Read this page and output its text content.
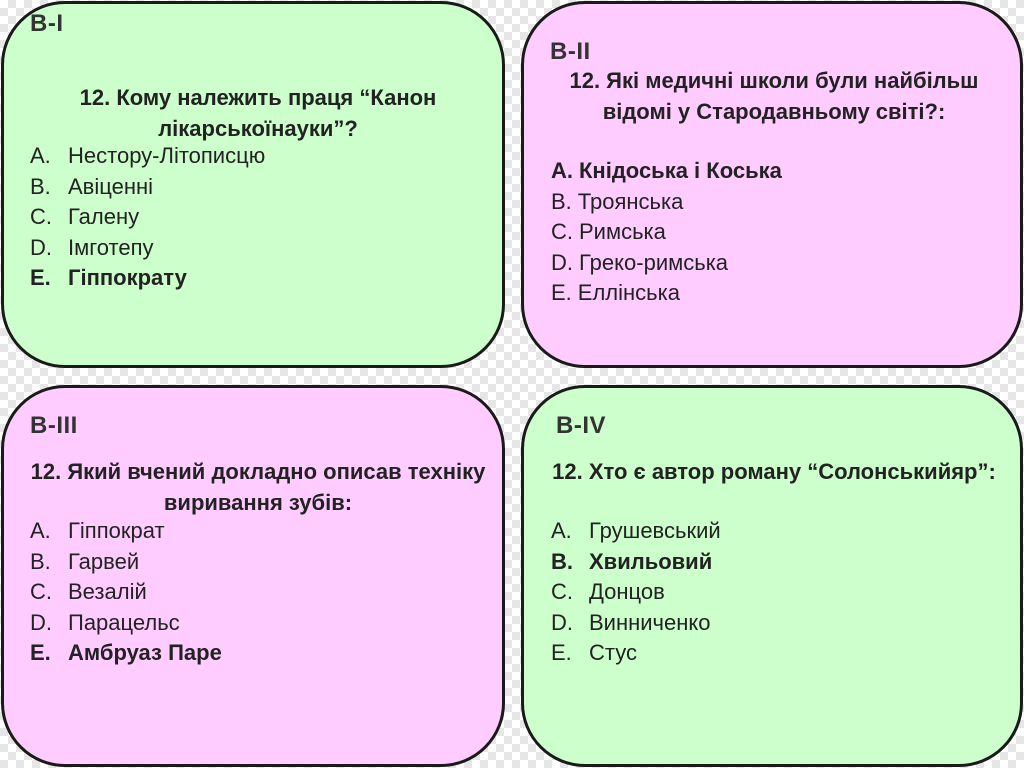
В-І
12. Кому належить праця “Канон лікарськоїнауки”?
A. Нестору-Літописцю
B. Авіценні
C. Галену
D. Імготепу
E. Гіппократу
В-ІІ
12. Які медичні школи були найбільш відомі у Стародавньому світі?:
А. Кнідоська і Коська
В. Троянська
С. Римська
D. Греко-римська
Е. Еллінська
В-ІІІ
12. Який вчений докладно описав техніку виривання зубів:
A. Гіппократ
B. Гарвей
C. Везалій
D. Парацельс
E. Амбруаз Паре
В-ІV
12. Хто є автор роману “Солонськийяр”:
A. Грушевський
B. Хвильовий
C. Донцов
D. Винниченко
E. Стус
